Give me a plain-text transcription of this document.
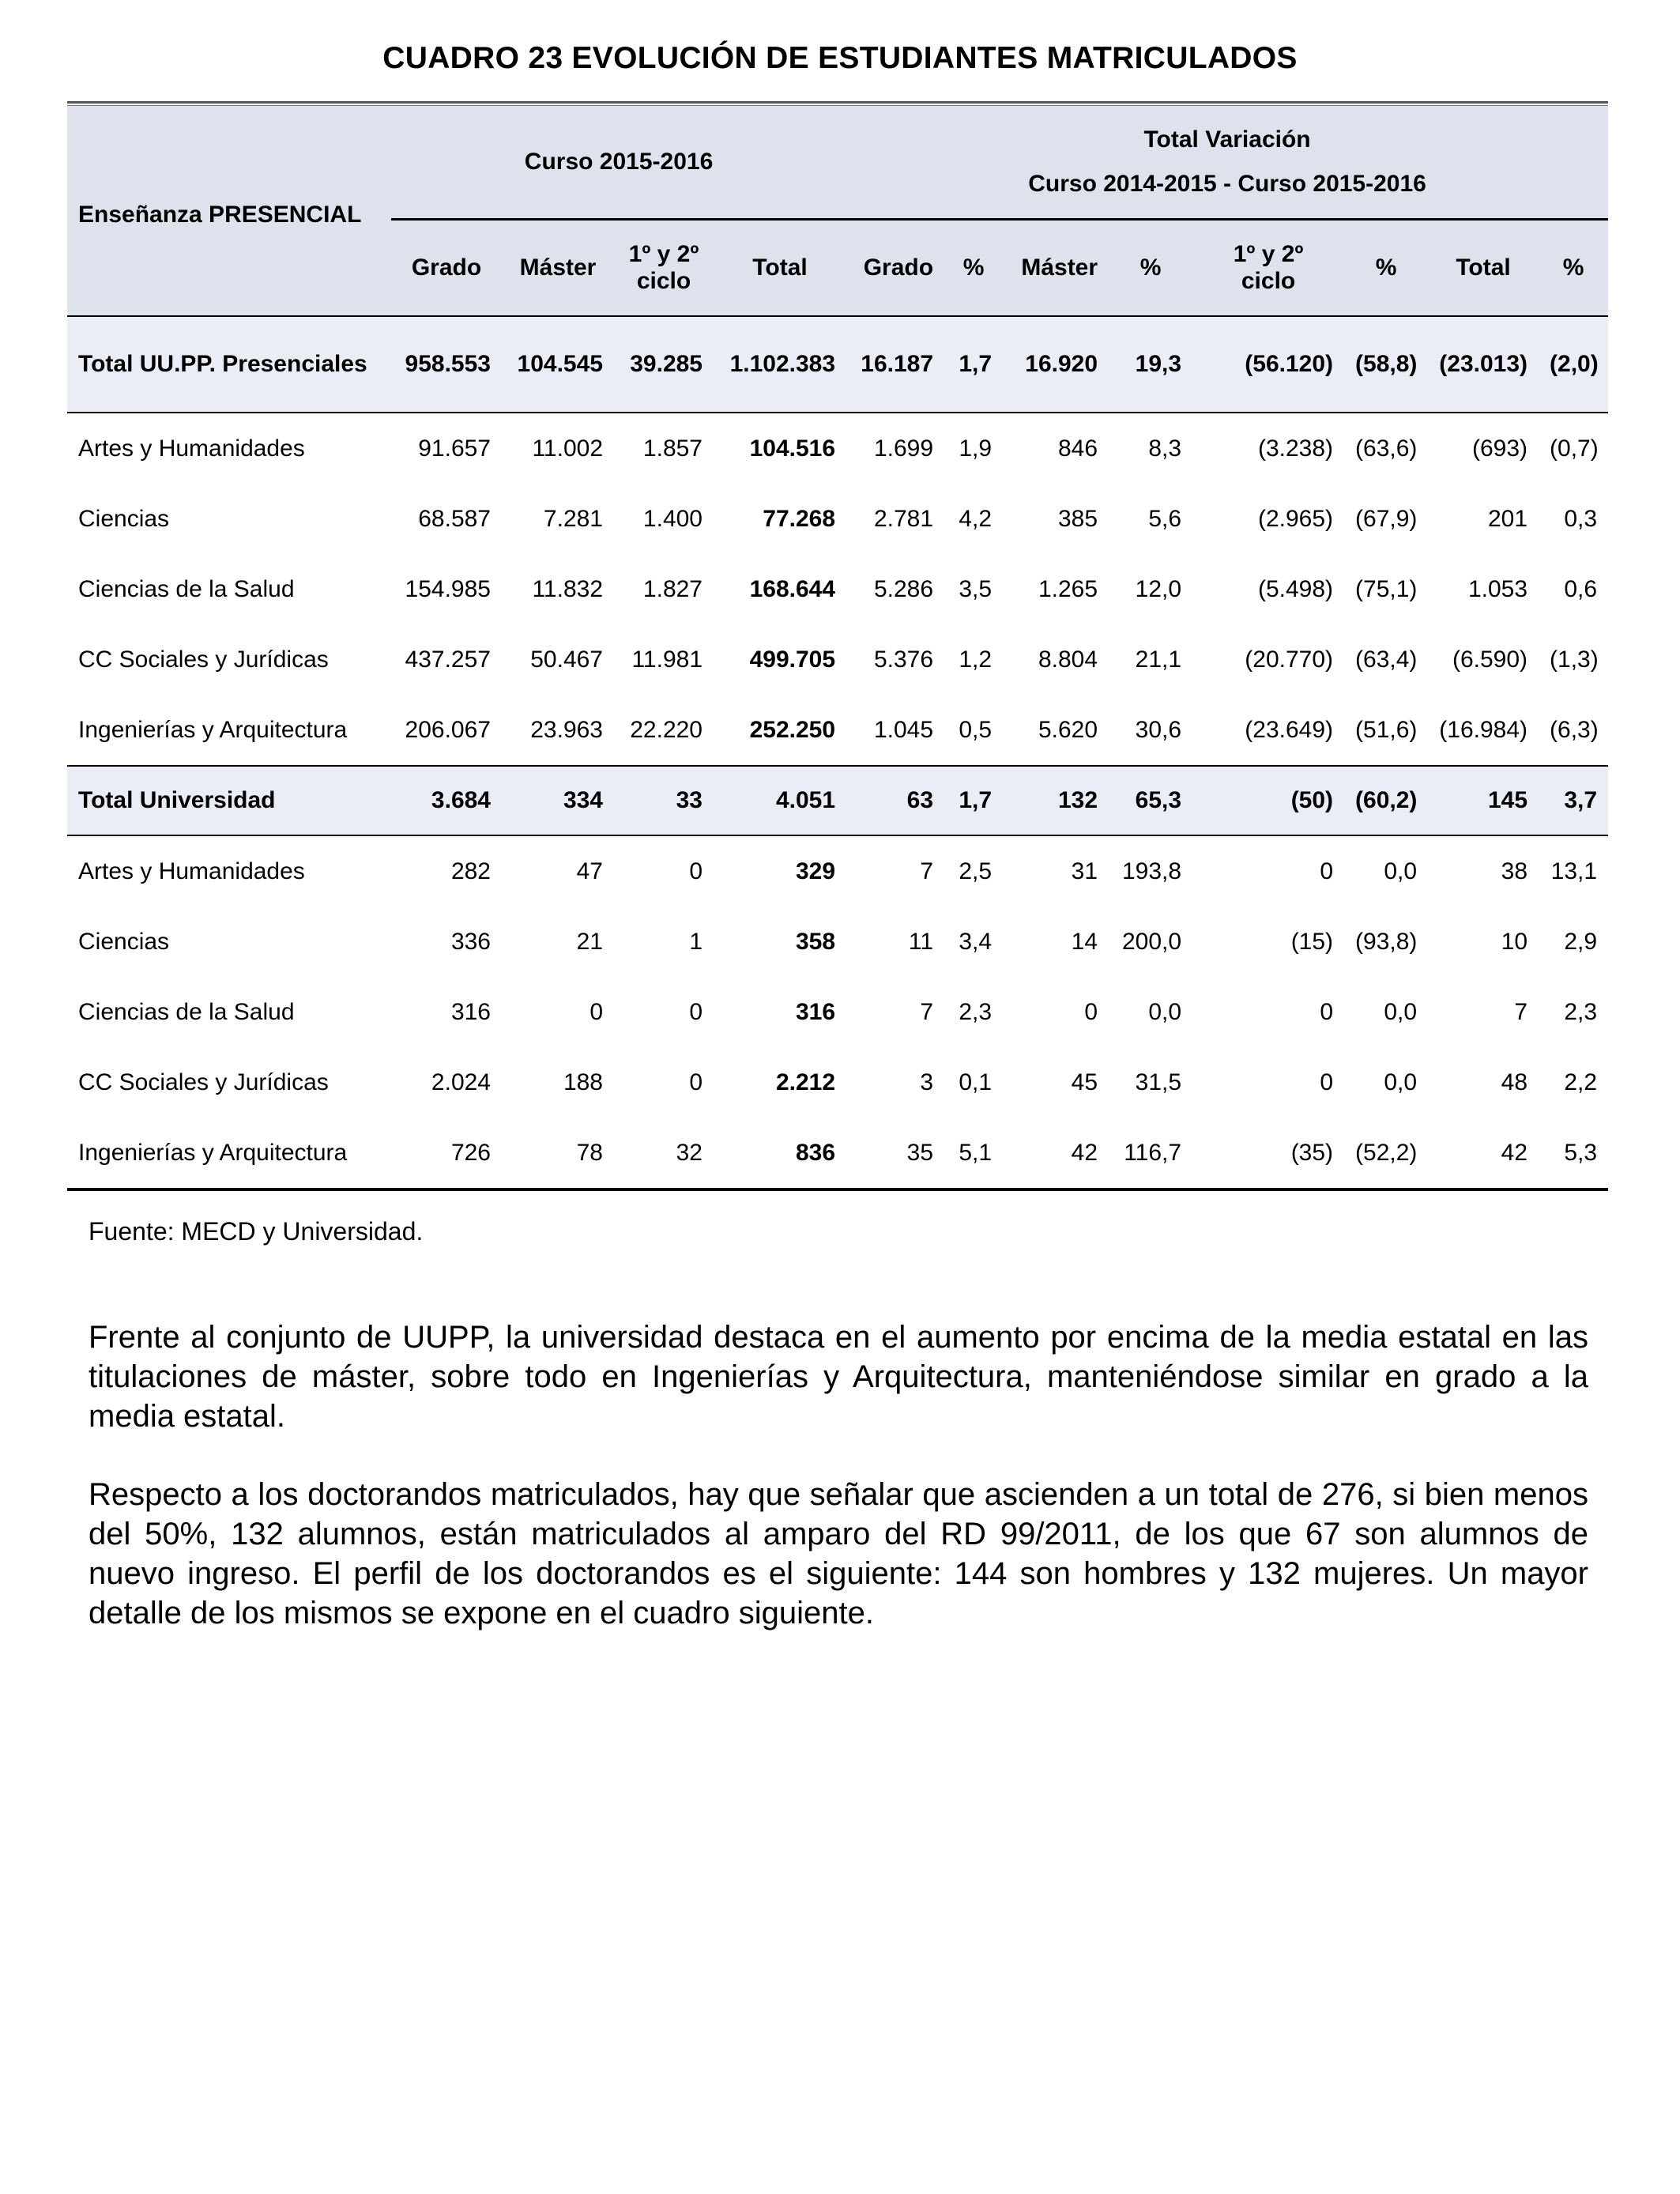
CUADRO 23 EVOLUCIÓN DE ESTUDIANTES MATRICULADOS
Enseñanza PRESENCIAL	Curso 2015-2016				Total Variación
Curso 2014-2015 - Curso 2015-2016							

	Grado	Máster	1º y 2º ciclo	Total	Grado	%	Máster	%	1º y 2º ciclo	%	Total	%
Total UU.PP. Presenciales	958.553	104.545	39.285	1.102.383	16.187	1,7	16.920	19,3	(56.120)	(58,8)	(23.013)	(2,0)
Artes y Humanidades	91.657	11.002	1.857	104.516	1.699	1,9	846	8,3	(3.238)	(63,6)	(693)	(0,7)
Ciencias	68.587	7.281	1.400	77.268	2.781	4,2	385	5,6	(2.965)	(67,9)	201	0,3
Ciencias de la Salud	154.985	11.832	1.827	168.644	5.286	3,5	1.265	12,0	(5.498)	(75,1)	1.053	0,6
CC Sociales y Jurídicas	437.257	50.467	11.981	499.705	5.376	1,2	8.804	21,1	(20.770)	(63,4)	(6.590)	(1,3)
Ingenierías y Arquitectura	206.067	23.963	22.220	252.250	1.045	0,5	5.620	30,6	(23.649)	(51,6)	(16.984)	(6,3)
Total Universidad	3.684	334	33	4.051	63	1,7	132	65,3	(50)	(60,2)	145	3,7
Artes y Humanidades	282	47	0	329	7	2,5	31	193,8	0	0,0	38	13,1
Ciencias	336	21	1	358	11	3,4	14	200,0	(15)	(93,8)	10	2,9
Ciencias de la Salud	316	0	0	316	7	2,3	0	0,0	0	0,0	7	2,3
CC Sociales y Jurídicas	2.024	188	0	2.212	3	0,1	45	31,5	0	0,0	48	2,2
Ingenierías y Arquitectura	726	78	32	836	35	5,1	42	116,7	(35)	(52,2)	42	5,3
Fuente: MECD y Universidad.

Frente al conjunto de UUPP, la universidad destaca en el aumento por encima de la media estatal en las titulaciones de máster, sobre todo en Ingenierías y Arquitectura, manteniéndose similar en grado a la media estatal.

Respecto a los doctorandos matriculados, hay que señalar que ascienden a un total de 276, si bien menos del 50%, 132 alumnos, están matriculados al amparo del RD 99/2011, de los que 67 son alumnos de nuevo ingreso. El perfil de los doctorandos es el siguiente: 144 son hombres y 132 mujeres. Un mayor detalle de los mismos se expone en el cuadro siguiente.
